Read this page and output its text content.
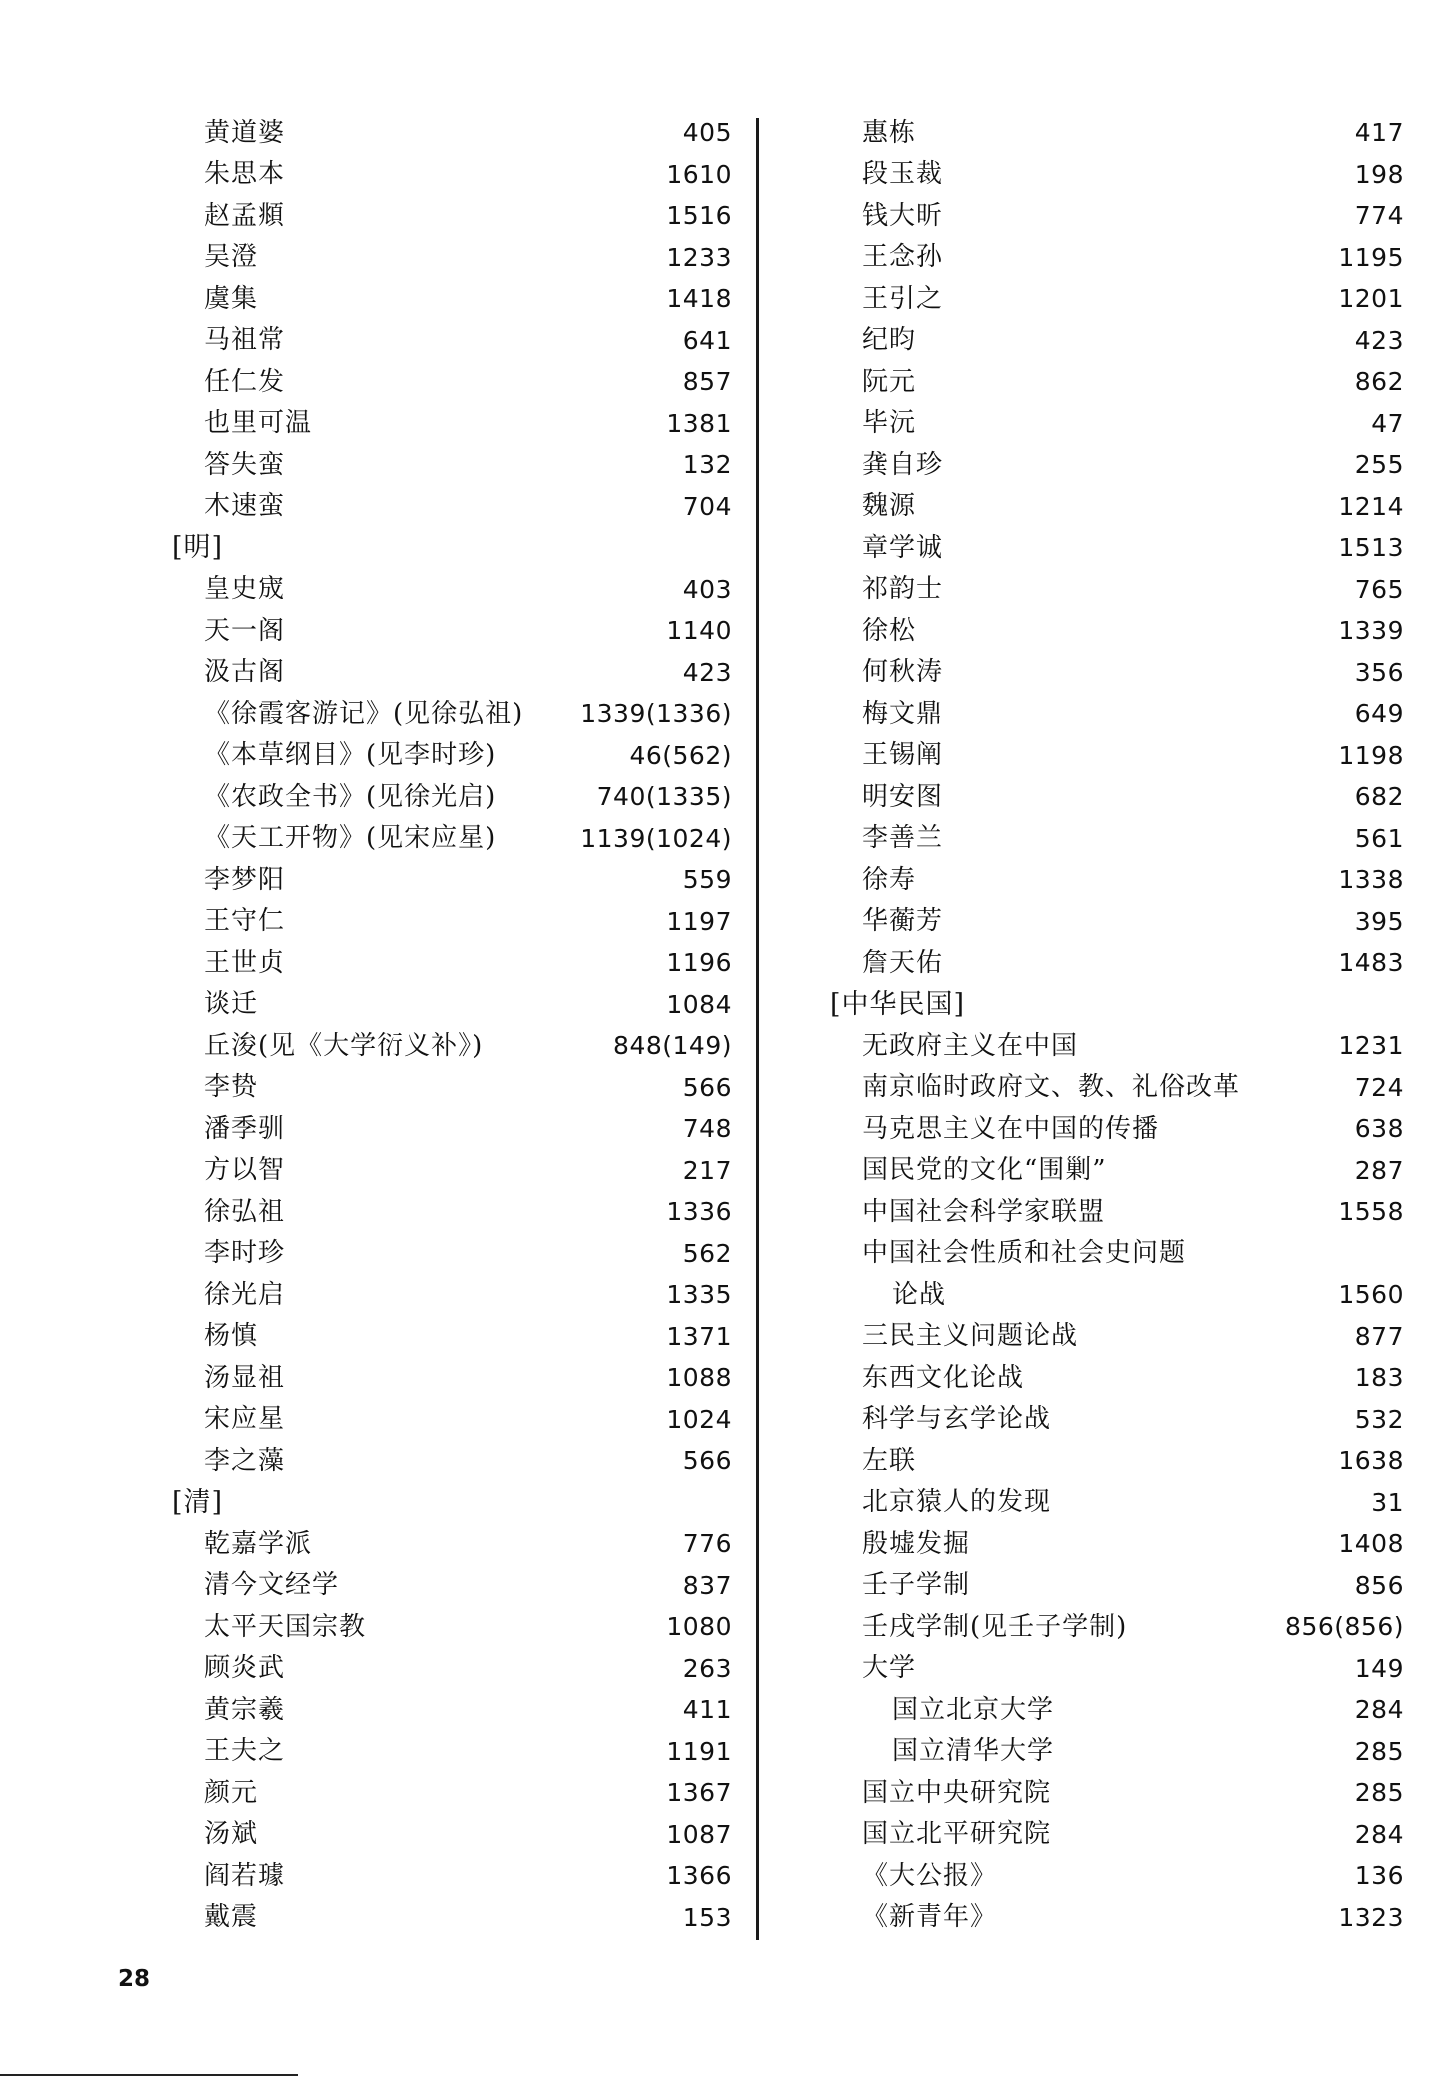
黄道婆	405
朱思本	1610
赵孟頫	1516
吴澄	1233
虞集	1418
马祖常	641
任仁发	857
也里可温	1381
答失蛮	132
木速蛮	704
[明]
皇史宬	403
天一阁	1140
汲古阁	423
《徐霞客游记》(见徐弘祖) 1339(1336)
《本草纲目》(见李时珍)	46(562)
《农政全书》(见徐光启)	740(1335)
《天工开物》(见宋应星)	1139(1024)
李梦阳	559
王守仁	1197
王世贞	1196
谈迁	1084
丘浚(见《大学衍义补》)	848(149)
李贽	566
潘季驯	748
方以智	217
徐弘祖	1336
李时珍	562
徐光启	1335
杨慎	1371
汤显祖	1088
宋应星	1024
李之藻	566
[清]
乾嘉学派	776
清今文经学	837
太平天国宗教	1080
顾炎武	263
黄宗羲	411
王夫之	1191
颜元	1367
汤斌	1087
阎若璩	1366
戴震	153
惠栋	417
段玉裁	198
钱大昕	774
王念孙	1195
王引之	1201
纪昀	423
阮元	862
毕沅	47
龚自珍	255
魏源	1214
章学诚	1513
祁韵士	765
徐松	1339
何秋涛	356
梅文鼎	649
王锡阐	1198
明安图	682
李善兰	561
徐寿	1338
华蘅芳	395
詹天佑	1483
[中华民国]
无政府主义在中国	1231
南京临时政府文、教、礼俗改革	724
马克思主义在中国的传播	638
国民党的文化“围剿”	287
中国社会科学家联盟	1558
中国社会性质和社会史问题
论战	1560
三民主义问题论战	877
东西文化论战	183
科学与玄学论战	532
左联	1638
北京猿人的发现	31
殷墟发掘	1408
壬子学制	856
壬戌学制(见壬子学制)	856(856)
大学	149
国立北京大学	284
国立清华大学	285
国立中央研究院	285
国立北平研究院	284
《大公报》	136
《新青年》	1323
28
